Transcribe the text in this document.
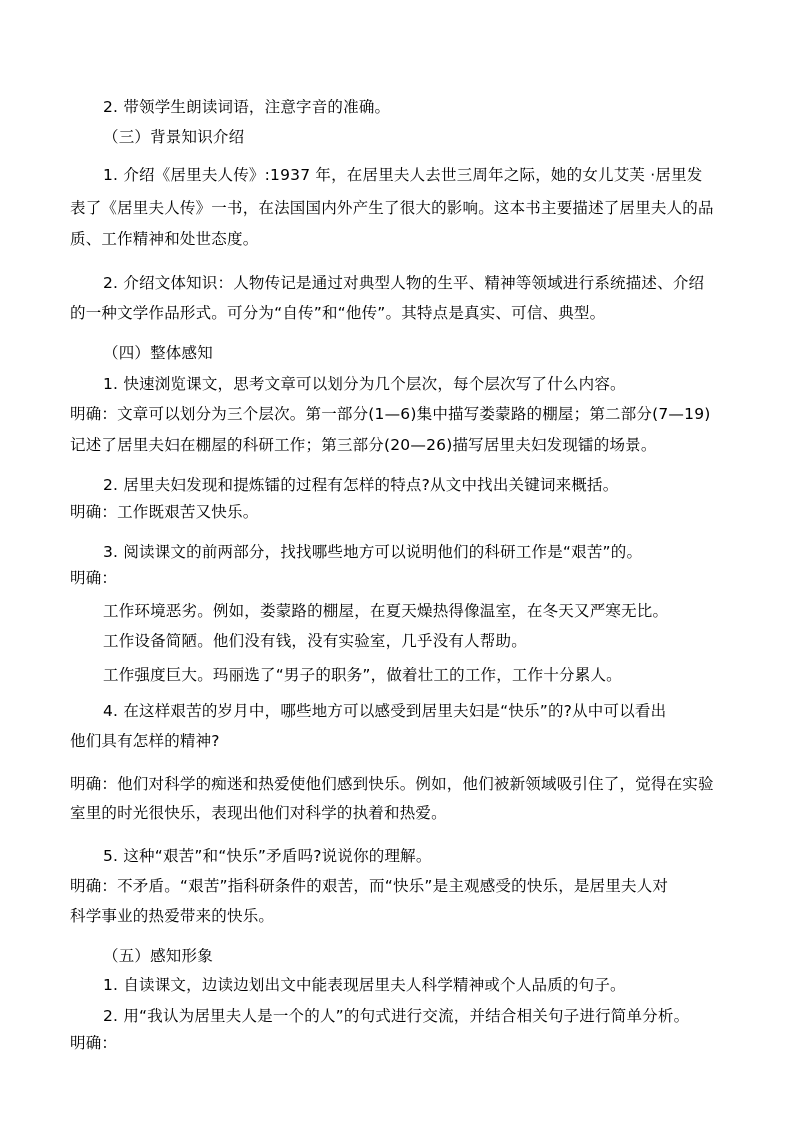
2. 带领学生朗读词语，注意字音的准确。
（三）背景知识介绍
1. 介绍《居里夫人传》:1937 年，在居里夫人去世三周年之际，她的女儿艾芙 ·居里发
表了《居里夫人传》一书，在法国国内外产生了很大的影响。这本书主要描述了居里夫人的品
质、工作精神和处世态度。
2. 介绍文体知识：人物传记是通过对典型人物的生平、精神等领域进行系统描述、介绍
的一种文学作品形式。可分为“自传”和“他传”。其特点是真实、可信、典型。
（四）整体感知
1. 快速浏览课文，思考文章可以划分为几个层次，每个层次写了什么内容。
明确：文章可以划分为三个层次。第一部分(1—6)集中描写娄蒙路的棚屋；第二部分(7—19)
记述了居里夫妇在棚屋的科研工作；第三部分(20—26)描写居里夫妇发现镭的场景。
2. 居里夫妇发现和提炼镭的过程有怎样的特点?从文中找出关键词来概括。
明确：工作既艰苦又快乐。
3. 阅读课文的前两部分，找找哪些地方可以说明他们的科研工作是“艰苦”的。
明确：
工作环境恶劣。例如，娄蒙路的棚屋，在夏天燥热得像温室，在冬天又严寒无比。
工作设备简陋。他们没有钱，没有实验室，几乎没有人帮助。
工作强度巨大。玛丽选了“男子的职务”，做着壮工的工作，工作十分累人。
4. 在这样艰苦的岁月中，哪些地方可以感受到居里夫妇是“快乐”的?从中可以看出
他们具有怎样的精神?
明确：他们对科学的痴迷和热爱使他们感到快乐。例如，他们被新领域吸引住了，觉得在实验
室里的时光很快乐，表现出他们对科学的执着和热爱。
5. 这种“艰苦”和“快乐”矛盾吗?说说你的理解。
明确：不矛盾。“艰苦”指科研条件的艰苦，而“快乐”是主观感受的快乐，是居里夫人对
科学事业的热爱带来的快乐。
（五）感知形象
1. 自读课文，边读边划出文中能表现居里夫人科学精神或个人品质的句子。
2. 用“我认为居里夫人是一个的人”的句式进行交流，并结合相关句子进行简单分析。
明确：
